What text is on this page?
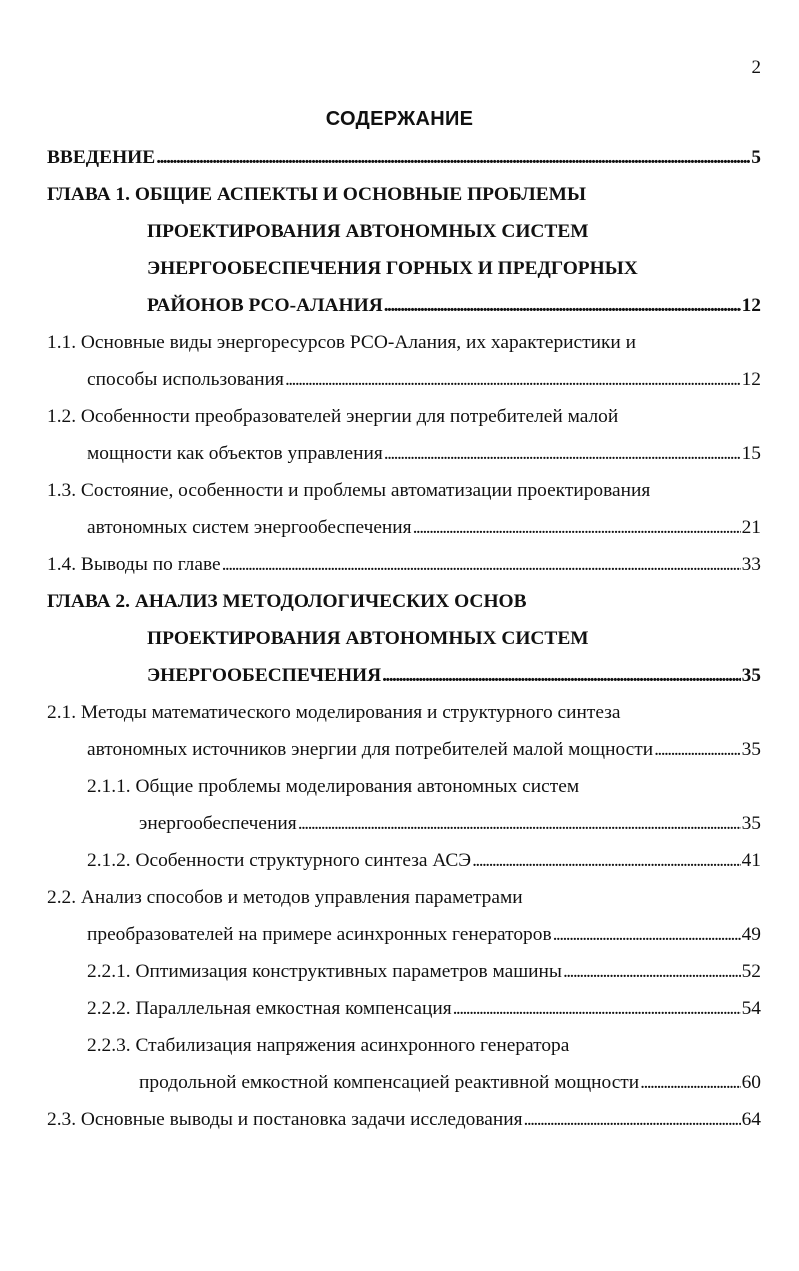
2
СОДЕРЖАНИЕ
ВВЕДЕНИЕ . . .	5
ГЛАВА 1. ОБЩИЕ АСПЕКТЫ И ОСНОВНЫЕ ПРОБЛЕМЫ
ПРОЕКТИРОВАНИЯ АВТОНОМНЫХ СИСТЕМ
ЭНЕРГООБЕСПЕЧЕНИЯ ГОРНЫХ И ПРЕДГОРНЫХ
РАЙОНОВ РСО-АЛАНИЯ . . .	12
1.1. Основные виды энергоресурсов РСО-Алания, их характеристики и
способы использования . . .	12
1.2. Особенности преобразователей энергии для потребителей малой
мощности как объектов управления . . .	15
1.3. Состояние, особенности и проблемы автоматизации проектирования
автономных систем энергообеспечения . . .	21
1.4. Выводы по главе . . .	33
ГЛАВА 2. АНАЛИЗ МЕТОДОЛОГИЧЕСКИХ ОСНОВ
ПРОЕКТИРОВАНИЯ АВТОНОМНЫХ СИСТЕМ
ЭНЕРГООБЕСПЕЧЕНИЯ . . .	35
2.1. Методы математического моделирования и структурного синтеза
автономных источников энергии для потребителей малой мощности . . .	35
2.1.1. Общие проблемы моделирования автономных систем
энергообеспечения . . .	35
2.1.2. Особенности структурного синтеза АСЭ . . .	41
2.2. Анализ способов и методов управления параметрами
преобразователей на примере асинхронных генераторов . . .	49
2.2.1. Оптимизация конструктивных параметров машины . . .	52
2.2.2. Параллельная емкостная компенсация . . .	54
2.2.3. Стабилизация напряжения асинхронного генератора
продольной емкостной компенсацией реактивной мощности . . .	60
2.3. Основные выводы и постановка задачи исследования . . .	64
